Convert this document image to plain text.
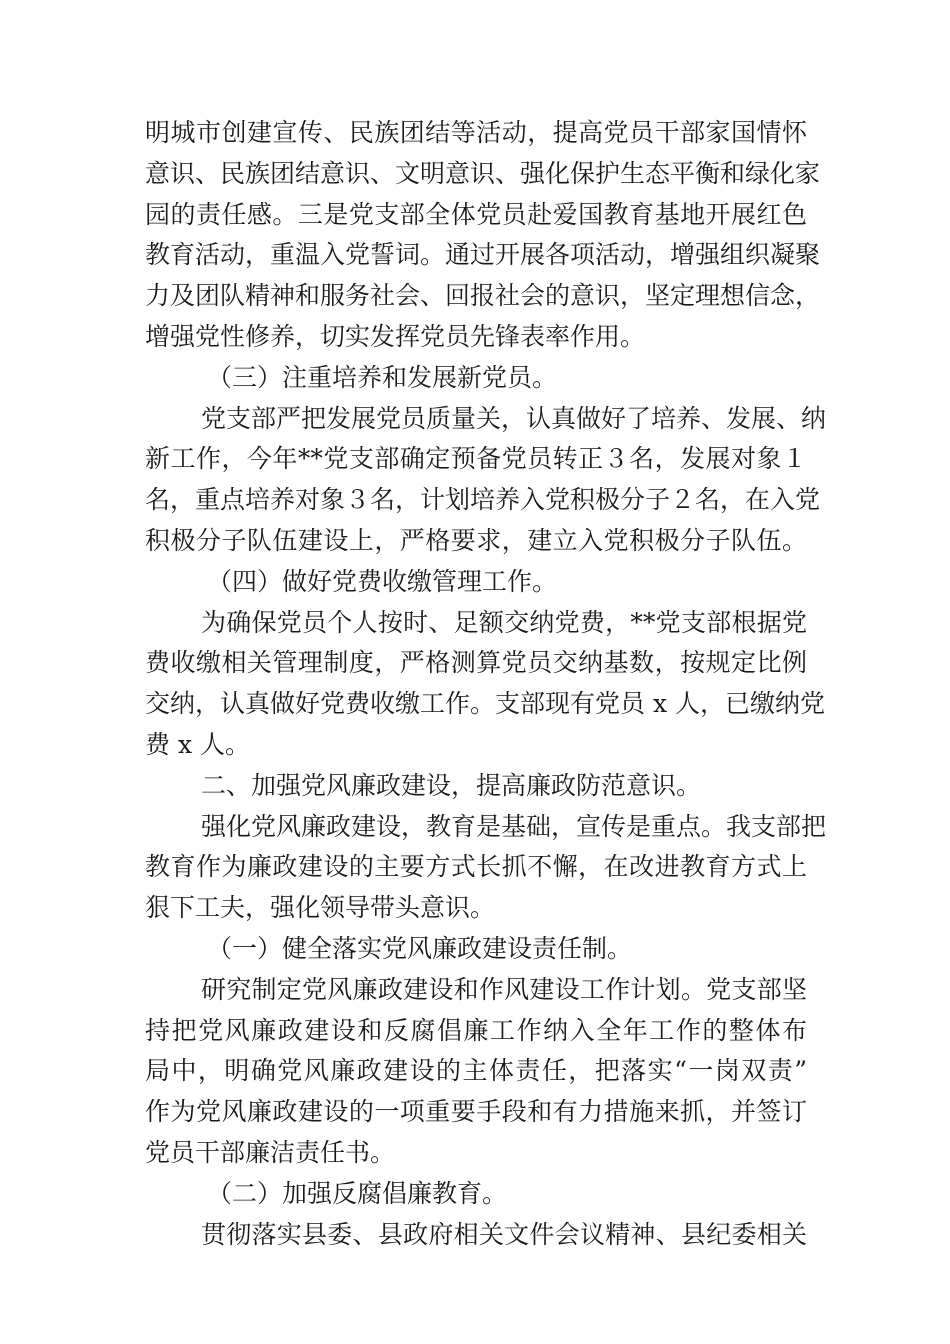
明城市创建宣传、民族团结等活动，提高党员干部家国情怀
意识、民族团结意识、文明意识、强化保护生态平衡和绿化家
园的责任感。三是党支部全体党员赴爱国教育基地开展红色
教育活动，重温入党誓词。通过开展各项活动，增强组织凝聚
力及团队精神和服务社会、回报社会的意识，坚定理想信念，
增强党性修养，切实发挥党员先锋表率作用。
（三）注重培养和发展新党员。
党支部严把发展党员质量关，认真做好了培养、发展、纳
新工作，今年**党支部确定预备党员转正３名，发展对象１
名，重点培养对象３名，计划培养入党积极分子２名，在入党
积极分子队伍建设上，严格要求，建立入党积极分子队伍。
（四）做好党费收缴管理工作。
为确保党员个人按时、足额交纳党费，**党支部根据党
费收缴相关管理制度，严格测算党员交纳基数，按规定比例
交纳，认真做好党费收缴工作。支部现有党员 x 人，已缴纳党
费 x 人。
二、加强党风廉政建设，提高廉政防范意识。
强化党风廉政建设，教育是基础，宣传是重点。我支部把
教育作为廉政建设的主要方式长抓不懈，在改进教育方式上
狠下工夫，强化领导带头意识。
（一）健全落实党风廉政建设责任制。
研究制定党风廉政建设和作风建设工作计划。党支部坚
持把党风廉政建设和反腐倡廉工作纳入全年工作的整体布
局中，明确党风廉政建设的主体责任，把落实“一岗双责”
作为党风廉政建设的一项重要手段和有力措施来抓，并签订
党员干部廉洁责任书。
（二）加强反腐倡廉教育。
贯彻落实县委、县政府相关文件会议精神、县纪委相关
